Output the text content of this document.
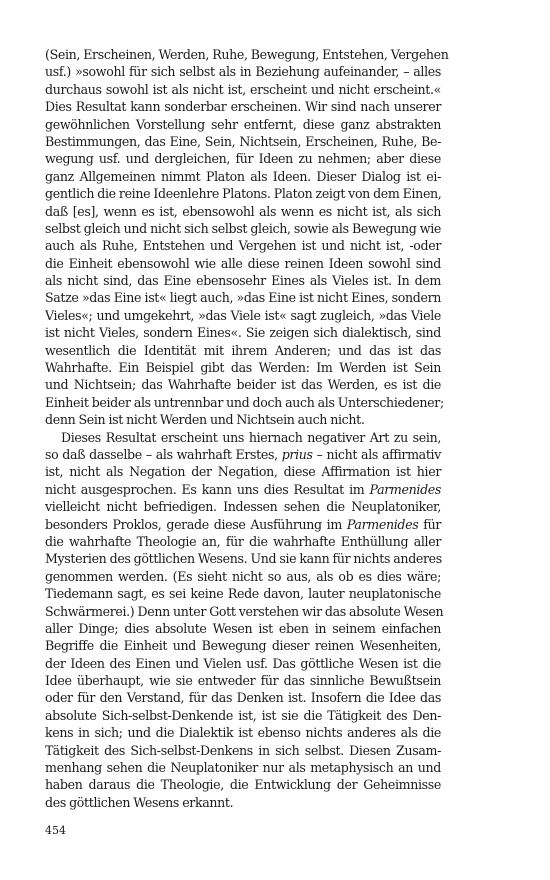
(Sein, Erscheinen, Werden, Ruhe, Bewegung, Entstehen, Vergehen
usf.) »sowohl für sich selbst als in Beziehung aufeinander, – alles
durchaus sowohl ist als nicht ist, erscheint und nicht erscheint.«
Dies Resultat kann sonderbar erscheinen. Wir sind nach unserer
gewöhnlichen Vorstellung sehr entfernt, diese ganz abstrakten
Bestimmungen, das Eine, Sein, Nichtsein, Erscheinen, Ruhe, Be-
wegung usf. und dergleichen, für Ideen zu nehmen; aber diese
ganz Allgemeinen nimmt Platon als Ideen. Dieser Dialog ist ei-
gentlich die reine Ideenlehre Platons. Platon zeigt von dem Einen,
daß [es], wenn es ist, ebensowohl als wenn es nicht ist, als sich
selbst gleich und nicht sich selbst gleich, sowie als Bewegung wie
auch als Ruhe, Entstehen und Vergehen ist und nicht ist, -oder
die Einheit ebensowohl wie alle diese reinen Ideen sowohl sind
als nicht sind, das Eine ebensosehr Eines als Vieles ist. In dem
Satze »das Eine ist« liegt auch, »das Eine ist nicht Eines, sondern
Vieles«; und umgekehrt, »das Viele ist« sagt zugleich, »das Viele
ist nicht Vieles, sondern Eines«. Sie zeigen sich dialektisch, sind
wesentlich die Identität mit ihrem Anderen; und das ist das
Wahrhafte. Ein Beispiel gibt das Werden: Im Werden ist Sein
und Nichtsein; das Wahrhafte beider ist das Werden, es ist die
Einheit beider als untrennbar und doch auch als Unterschiedener;
denn Sein ist nicht Werden und Nichtsein auch nicht.
Dieses Resultat erscheint uns hiernach negativer Art zu sein,
so daß dasselbe – als wahrhaft Erstes, prius – nicht als affirmativ
ist, nicht als Negation der Negation, diese Affirmation ist hier
nicht ausgesprochen. Es kann uns dies Resultat im Parmenides
vielleicht nicht befriedigen. Indessen sehen die Neuplatoniker,
besonders Proklos, gerade diese Ausführung im Parmenides für
die wahrhafte Theologie an, für die wahrhafte Enthüllung aller
Mysterien des göttlichen Wesens. Und sie kann für nichts anderes
genommen werden. (Es sieht nicht so aus, als ob es dies wäre;
Tiedemann sagt, es sei keine Rede davon, lauter neuplatonische
Schwärmerei.) Denn unter Gott verstehen wir das absolute Wesen
aller Dinge; dies absolute Wesen ist eben in seinem einfachen
Begriffe die Einheit und Bewegung dieser reinen Wesenheiten,
der Ideen des Einen und Vielen usf. Das göttliche Wesen ist die
Idee überhaupt, wie sie entweder für das sinnliche Bewußtsein
oder für den Verstand, für das Denken ist. Insofern die Idee das
absolute Sich-selbst-Denkende ist, ist sie die Tätigkeit des Den-
kens in sich; und die Dialektik ist ebenso nichts anderes als die
Tätigkeit des Sich-selbst-Denkens in sich selbst. Diesen Zusam-
menhang sehen die Neuplatoniker nur als metaphysisch an und
haben daraus die Theologie, die Entwicklung der Geheimnisse
des göttlichen Wesens erkannt.
454
